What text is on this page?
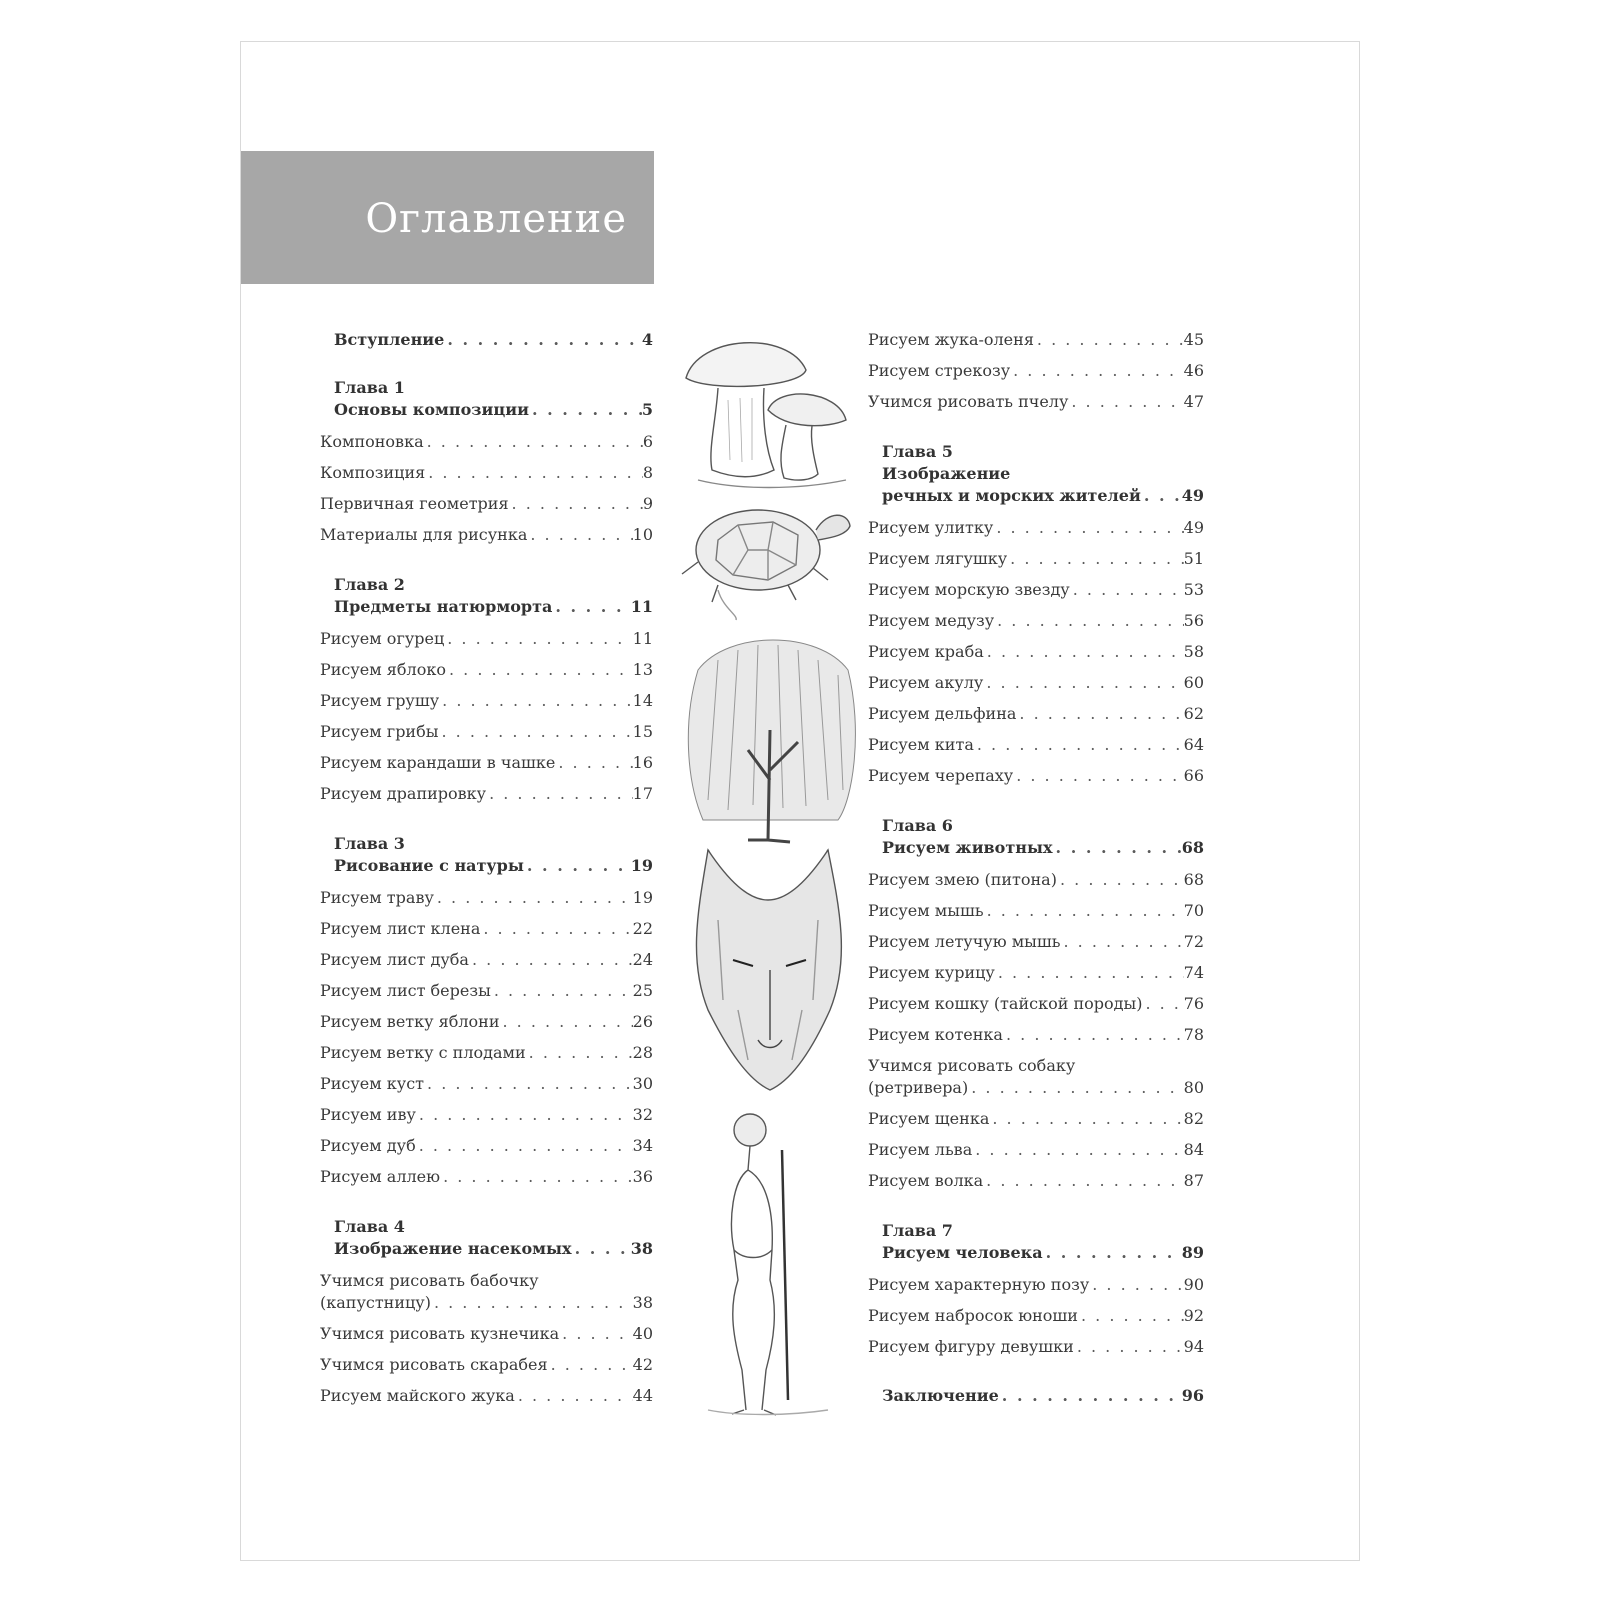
Оглавление
Вступление . . .	4
Глава 1
Основы композиции . . .	5
Компоновка . . .	6
Композиция . . .	8
Первичная геометрия . . .	9
Материалы для рисунка . . .	10
Глава 2
Предметы натюрморта . . .	11
Рисуем огурец . . .	11
Рисуем яблоко . . .	13
Рисуем грушу . . .	14
Рисуем грибы . . .	15
Рисуем карандаши в чашке . . .	16
Рисуем драпировку . . .	17
Глава 3
Рисование с натуры . . .	19
Рисуем траву . . .	19
Рисуем лист клена . . .	22
Рисуем лист дуба . . .	24
Рисуем лист березы . . .	25
Рисуем ветку яблони . . .	26
Рисуем ветку с плодами . . .	28
Рисуем куст . . .	30
Рисуем иву . . .	32
Рисуем дуб . . .	34
Рисуем аллею . . .	36
Глава 4
Изображение насекомых . . .	38
Учимся рисовать бабочку
(капустницу) . . .	38
Учимся рисовать кузнечика . . .	40
Учимся рисовать скарабея . . .	42
Рисуем майского жука . . .	44
Рисуем жука-оленя . . .	45
Рисуем стрекозу . . .	46
Учимся рисовать пчелу . . .	47
Глава 5
Изображение
речных и морских жителей . . .	49
Рисуем улитку . . .	49
Рисуем лягушку . . .	51
Рисуем морскую звезду . . .	53
Рисуем медузу . . .	56
Рисуем краба . . .	58
Рисуем акулу . . .	60
Рисуем дельфина . . .	62
Рисуем кита . . .	64
Рисуем черепаху . . .	66
Глава 6
Рисуем животных . . .	68
Рисуем змею (питона) . . .	68
Рисуем мышь . . .	70
Рисуем летучую мышь . . .	72
Рисуем курицу . . .	74
Рисуем кошку (тайской породы) . . .	76
Рисуем котенка . . .	78
Учимся рисовать собаку
(ретривера) . . .	80
Рисуем щенка . . .	82
Рисуем льва . . .	84
Рисуем волка . . .	87
Глава 7
Рисуем человека . . .	89
Рисуем характерную позу . . .	90
Рисуем набросок юноши . . .	92
Рисуем фигуру девушки . . .	94
Заключение . . .	96
